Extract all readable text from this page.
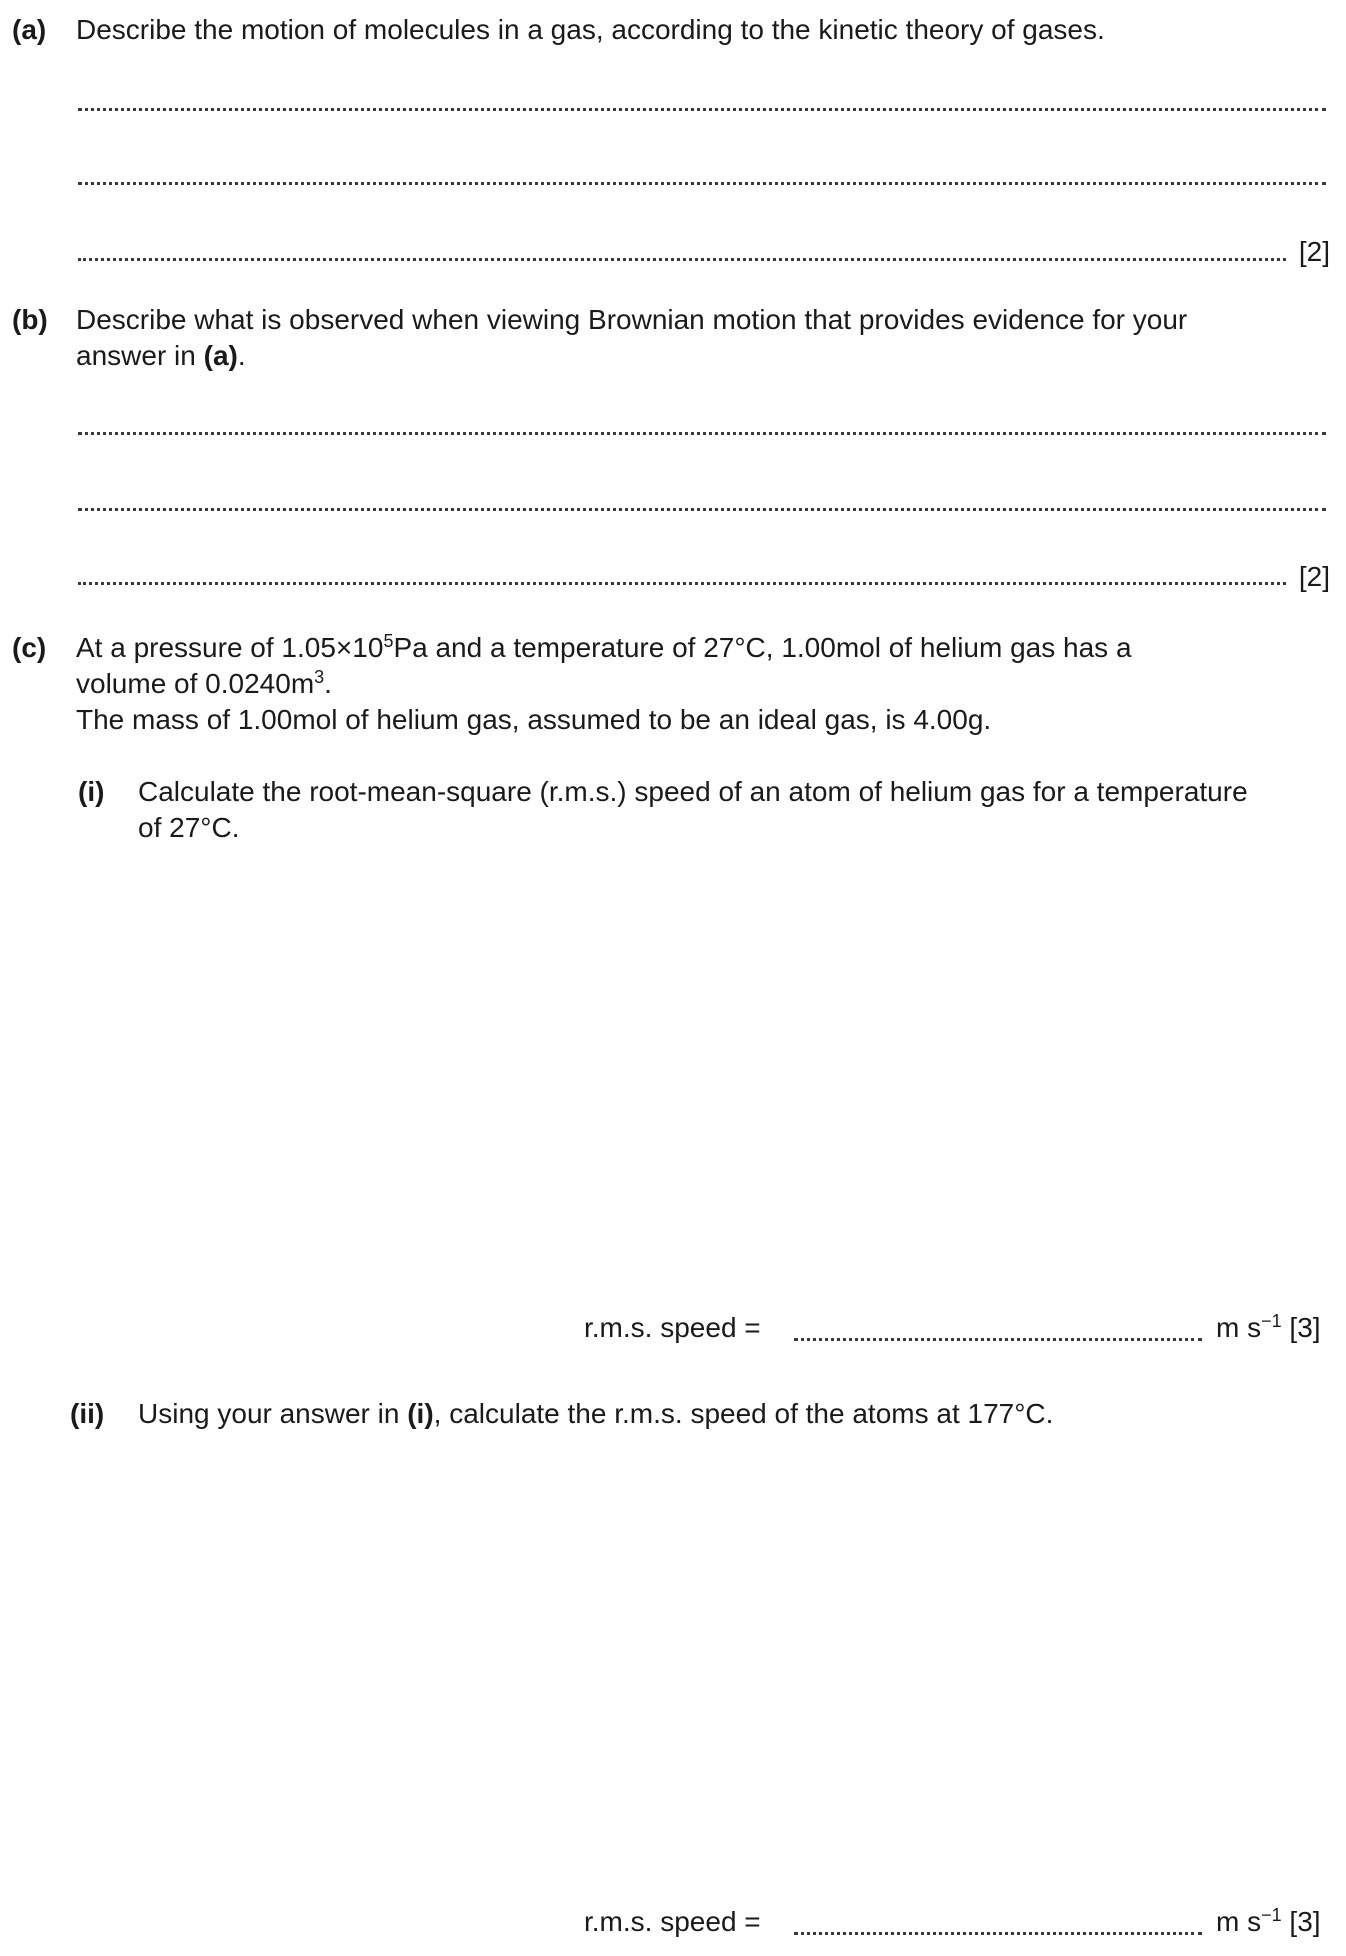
(a) Describe the motion of molecules in a gas, according to the kinetic theory of gases.
[2]
(b) Describe what is observed when viewing Brownian motion that provides evidence for your
answer in (a).
[2]
(c) At a pressure of $1.05\times 10^5Pa$ and a temperature of 27°C, 1.00mol of helium gas has a
volume of $0.0240m^3$.
The mass of 1.00mol of helium gas, assumed to be an ideal gas, is 4.00g.
(i) Calculate the root-mean-square (r.m.s.) speed of an atom of helium gas for a temperature
of 27°C.
r.m.s. speed =	m $s^{-1}$ [3]
(ii) Using your answer in (i), calculate the r.m.s. speed of the atoms at 177°C.
r.m.s. speed =	m $s^{-1}$ [3]
